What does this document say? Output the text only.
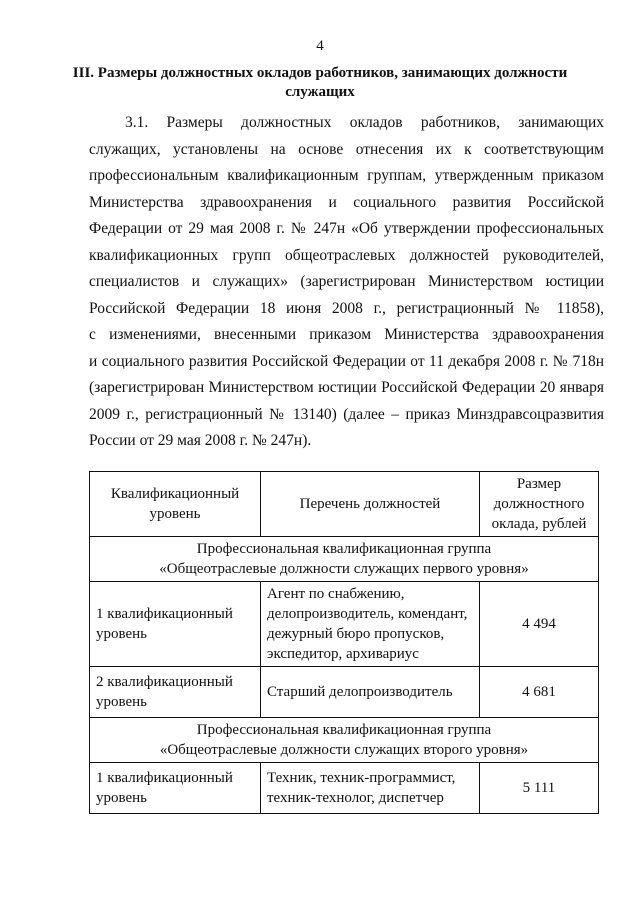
4
III. Размеры должностных окладов работников, занимающих должности служащих
3.1. Размеры должностных окладов работников, занимающих
служащих, установлены на основе отнесения их к соответствующим
профессиональным квалификационным группам, утвержденным приказом
Министерства здравоохранения и социального развития Российской
Федерации от 29 мая 2008 г. № 247н «Об утверждении профессиональных
квалификационных групп общеотраслевых должностей руководителей,
специалистов и служащих» (зарегистрирован Министерством юстиции
Российской Федерации 18 июня 2008 г., регистрационный № 11858),
с изменениями, внесенными приказом Министерства здравоохранения
и социального развития Российской Федерации от 11 декабря 2008 г. № 718н
(зарегистрирован Министерством юстиции Российской Федерации 20 января
2009 г., регистрационный № 13140) (далее – приказ Минздравсоцразвития
России от 29 мая 2008 г. № 247н).
Квалификационный уровень	Перечень должностей	Размер должностного оклада, рублей

Профессиональная квалификационная группа
«Общеотраслевые должности служащих первого уровня»		

1 квалификационный уровень	Агент по снабжению, делопроизводитель, комендант, дежурный бюро пропусков, экспедитор, архивариус	4 494
2 квалификационный уровень	Старший делопроизводитель	4 681

Профессиональная квалификационная группа
«Общеотраслевые должности служащих второго уровня»		

1 квалификационный уровень	Техник, техник-программист, техник-технолог, диспетчер	5 111
